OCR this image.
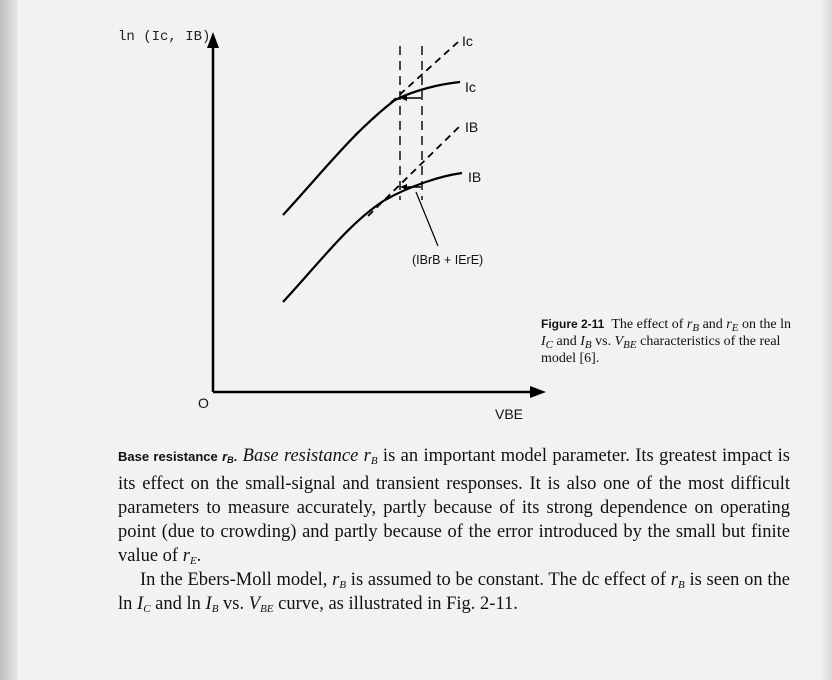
ln (Ic, IB)
O
VBE
Ic
Ic
IB
IB
(IBrB + IErE)
Figure 2-11  The effect of $r_B$ and $r_E$ on the $\ln I_C$ and $I_B$ vs. $V_{BE}$ characteristics of the real model [6].

Base resistance rB. Base resistance $r_B$ is an important model parameter. Its greatest impact is its effect on the small-signal and transient responses. It is also one of the most difficult parameters to measure accurately, partly because of its strong dependence on operating point (due to crowding) and partly because of the error introduced by the small but finite value of $r_E$.

In the Ebers-Moll model, $r_B$ is assumed to be constant. The dc effect of $r_B$ is seen on the $\ln I_C$ and $\ln I_B$ vs. $V_{BE}$ curve, as illustrated in Fig. 2-11.
